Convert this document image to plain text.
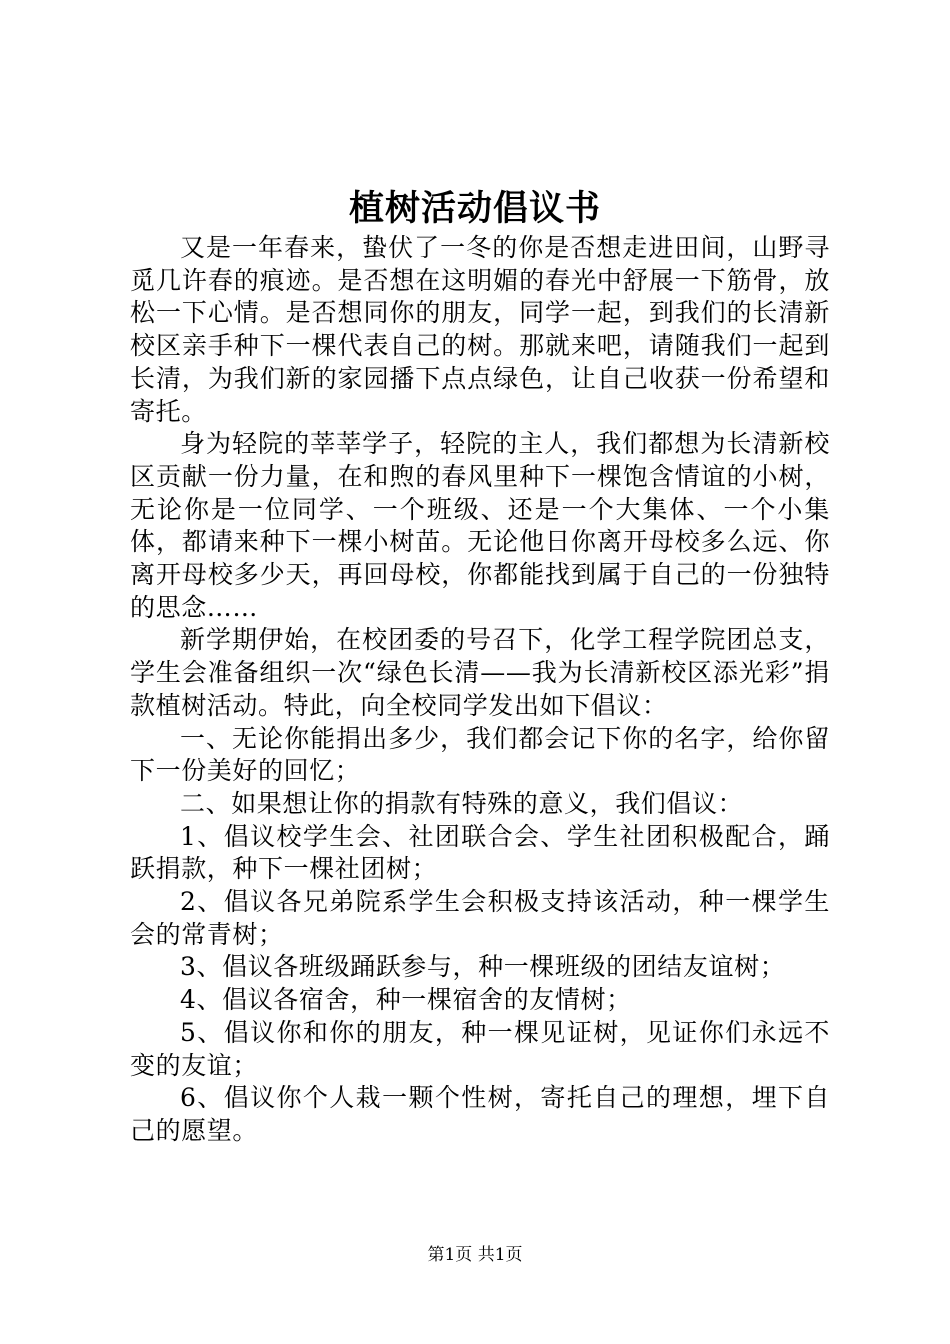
植树活动倡议书

又是一年春来，蛰伏了一冬的你是否想走进田间，山野寻觅几许春的痕迹。是否想在这明媚的春光中舒展一下筋骨，放松一下心情。是否想同你的朋友，同学一起，到我们的长清新校区亲手种下一棵代表自己的树。那就来吧，请随我们一起到长清，为我们新的家园播下点点绿色，让自己收获一份希望和寄托。

身为轻院的莘莘学子，轻院的主人，我们都想为长清新校区贡献一份力量，在和煦的春风里种下一棵饱含情谊的小树，无论你是一位同学、一个班级、还是一个大集体、一个小集体，都请来种下一棵小树苗。无论他日你离开母校多么远、你离开母校多少天，再回母校，你都能找到属于自己的一份独特的思念……

新学期伊始，在校团委的号召下，化学工程学院团总支，学生会准备组织一次“绿色长清——我为长清新校区添光彩”捐款植树活动。特此，向全校同学发出如下倡议：

一、无论你能捐出多少，我们都会记下你的名字，给你留下一份美好的回忆；

二、如果想让你的捐款有特殊的意义，我们倡议：

1、倡议校学生会、社团联合会、学生社团积极配合，踊跃捐款，种下一棵社团树；

2、倡议各兄弟院系学生会积极支持该活动，种一棵学生会的常青树；

3、倡议各班级踊跃参与，种一棵班级的团结友谊树；

4、倡议各宿舍，种一棵宿舍的友情树；

5、倡议你和你的朋友，种一棵见证树，见证你们永远不变的友谊；

6、倡议你个人栽一颗个性树，寄托自己的理想，埋下自己的愿望。

第1页 共1页
